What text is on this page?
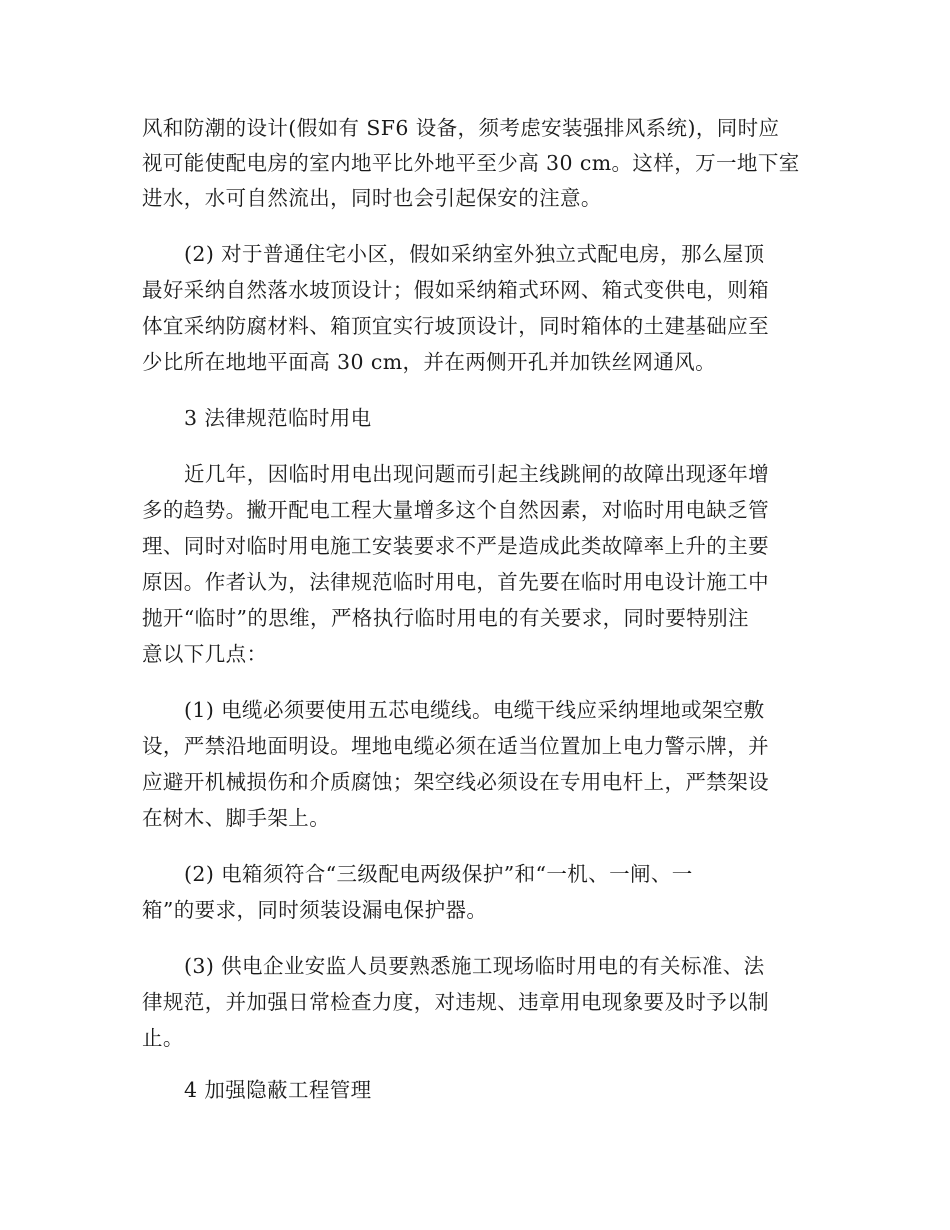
风和防潮的设计(假如有 SF6 设备，须考虑安装强排风系统)，同时应
视可能使配电房的室内地平比外地平至少高 30 cm。这样，万一地下室
进水，水可自然流出，同时也会引起保安的注意。
(2) 对于普通住宅小区，假如采纳室外独立式配电房，那么屋顶
最好采纳自然落水坡顶设计；假如采纳箱式环网、箱式变供电，则箱
体宜采纳防腐材料、箱顶宜实行坡顶设计，同时箱体的土建基础应至
少比所在地地平面高 30 cm，并在两侧开孔并加铁丝网通风。
3 法律规范临时用电
近几年，因临时用电出现问题而引起主线跳闸的故障出现逐年增
多的趋势。撇开配电工程大量增多这个自然因素，对临时用电缺乏管
理、同时对临时用电施工安装要求不严是造成此类故障率上升的主要
原因。作者认为，法律规范临时用电，首先要在临时用电设计施工中
抛开“临时”的思维，严格执行临时用电的有关要求，同时要特别注
意以下几点：
(1) 电缆必须要使用五芯电缆线。电缆干线应采纳埋地或架空敷
设，严禁沿地面明设。埋地电缆必须在适当位置加上电力警示牌，并
应避开机械损伤和介质腐蚀；架空线必须设在专用电杆上，严禁架设
在树木、脚手架上。
(2) 电箱须符合“三级配电两级保护”和“一机、一闸、一
箱”的要求，同时须装设漏电保护器。
(3) 供电企业安监人员要熟悉施工现场临时用电的有关标准、法
律规范，并加强日常检查力度，对违规、违章用电现象要及时予以制
止。
4 加强隐蔽工程管理
